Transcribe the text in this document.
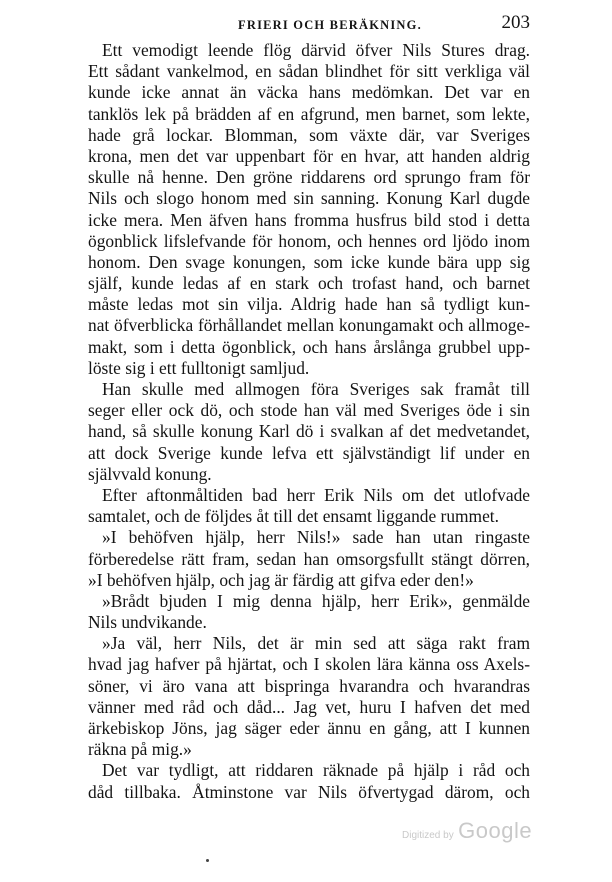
FRIERI OCH BERÄKNING.	203
Ett vemodigt leende flög därvid öfver Nils Stures drag.
Ett sådant vankelmod, en sådan blindhet för sitt verkliga väl
kunde icke annat än väcka hans medömkan. Det var en
tanklös lek på brädden af en afgrund, men barnet, som lekte,
hade grå lockar. Blomman, som växte där, var Sveriges
krona, men det var uppenbart för en hvar, att handen aldrig
skulle nå henne. Den gröne riddarens ord sprungo fram för
Nils och slogo honom med sin sanning. Konung Karl dugde
icke mera. Men äfven hans fromma husfrus bild stod i detta
ögonblick lifslefvande för honom, och hennes ord ljödo inom
honom. Den svage konungen, som icke kunde bära upp sig
själf, kunde ledas af en stark och trofast hand, och barnet
måste ledas mot sin vilja. Aldrig hade han så tydligt kun-
nat öfverblicka förhållandet mellan konungamakt och allmoge-
makt, som i detta ögonblick, och hans årslånga grubbel upp-
löste sig i ett fulltonigt samljud.
Han skulle med allmogen föra Sveriges sak framåt till
seger eller ock dö, och stode han väl med Sveriges öde i sin
hand, så skulle konung Karl dö i svalkan af det medvetandet,
att dock Sverige kunde lefva ett självständigt lif under en
självvald konung.
Efter aftonmåltiden bad herr Erik Nils om det utlofvade
samtalet, och de följdes åt till det ensamt liggande rummet.
»I behöfven hjälp, herr Nils!» sade han utan ringaste
förberedelse rätt fram, sedan han omsorgsfullt stängt dörren,
»I behöfven hjälp, och jag är färdig att gifva eder den!»
»Brådt bjuden I mig denna hjälp, herr Erik», genmälde
Nils undvikande.
»Ja väl, herr Nils, det är min sed att säga rakt fram
hvad jag hafver på hjärtat, och I skolen lära känna oss Axels-
söner, vi äro vana att bispringa hvarandra och hvarandras
vänner med råd och dåd... Jag vet, huru I hafven det med
ärkebiskop Jöns, jag säger eder ännu en gång, att I kunnen
räkna på mig.»
Det var tydligt, att riddaren räknade på hjälp i råd och
dåd tillbaka. Åtminstone var Nils öfvertygad därom, och
Digitized by Google
